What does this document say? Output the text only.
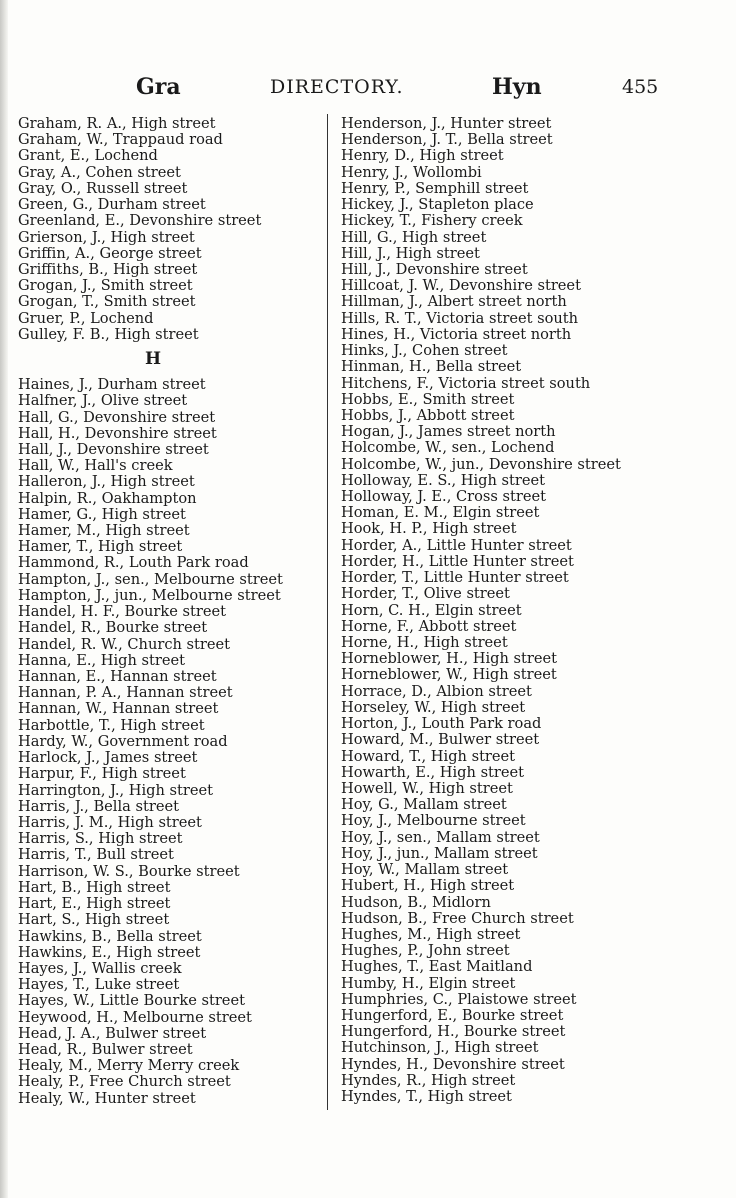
Gra	DIRECTORY.	Hyn	455
Graham, R. A., High street
Graham, W., Trappaud road
Grant, E., Lochend
Gray, A., Cohen street
Gray, O., Russell street
Green, G., Durham street
Greenland, E., Devonshire street
Grierson, J., High street
Griffin, A., George street
Griffiths, B., High street
Grogan, J., Smith street
Grogan, T., Smith street
Gruer, P., Lochend
Gulley, F. B., High street
H
Haines, J., Durham street
Halfner, J., Olive street
Hall, G., Devonshire street
Hall, H., Devonshire street
Hall, J., Devonshire street
Hall, W., Hall's creek
Halleron, J., High street
Halpin, R., Oakhampton
Hamer, G., High street
Hamer, M., High street
Hamer, T., High street
Hammond, R., Louth Park road
Hampton, J., sen., Melbourne street
Hampton, J., jun., Melbourne street
Handel, H. F., Bourke street
Handel, R., Bourke street
Handel, R. W., Church street
Hanna, E., High street
Hannan, E., Hannan street
Hannan, P. A., Hannan street
Hannan, W., Hannan street
Harbottle, T., High street
Hardy, W., Government road
Harlock, J., James street
Harpur, F., High street
Harrington, J., High street
Harris, J., Bella street
Harris, J. M., High street
Harris, S., High street
Harris, T., Bull street
Harrison, W. S., Bourke street
Hart, B., High street
Hart, E., High street
Hart, S., High street
Hawkins, B., Bella street
Hawkins, E., High street
Hayes, J., Wallis creek
Hayes, T., Luke street
Hayes, W., Little Bourke street
Heywood, H., Melbourne street
Head, J. A., Bulwer street
Head, R., Bulwer street
Healy, M., Merry Merry creek
Healy, P., Free Church street
Healy, W., Hunter street
Henderson, J., Hunter street
Henderson, J. T., Bella street
Henry, D., High street
Henry, J., Wollombi
Henry, P., Semphill street
Hickey, J., Stapleton place
Hickey, T., Fishery creek
Hill, G., High street
Hill, J., High street
Hill, J., Devonshire street
Hillcoat, J. W., Devonshire street
Hillman, J., Albert street north
Hills, R. T., Victoria street south
Hines, H., Victoria street north
Hinks, J., Cohen street
Hinman, H., Bella street
Hitchens, F., Victoria street south
Hobbs, E., Smith street
Hobbs, J., Abbott street
Hogan, J., James street north
Holcombe, W., sen., Lochend
Holcombe, W., jun., Devonshire street
Holloway, E. S., High street
Holloway, J. E., Cross street
Homan, E. M., Elgin street
Hook, H. P., High street
Horder, A., Little Hunter street
Horder, H., Little Hunter street
Horder, T., Little Hunter street
Horder, T., Olive street
Horn, C. H., Elgin street
Horne, F., Abbott street
Horne, H., High street
Horneblower, H., High street
Horneblower, W., High street
Horrace, D., Albion street
Horseley, W., High street
Horton, J., Louth Park road
Howard, M., Bulwer street
Howard, T., High street
Howarth, E., High street
Howell, W., High street
Hoy, G., Mallam street
Hoy, J., Melbourne street
Hoy, J., sen., Mallam street
Hoy, J., jun., Mallam street
Hoy, W., Mallam street
Hubert, H., High street
Hudson, B., Midlorn
Hudson, B., Free Church street
Hughes, M., High street
Hughes, P., John street
Hughes, T., East Maitland
Humby, H., Elgin street
Humphries, C., Plaistowe street
Hungerford, E., Bourke street
Hungerford, H., Bourke street
Hutchinson, J., High street
Hyndes, H., Devonshire street
Hyndes, R., High street
Hyndes, T., High street
